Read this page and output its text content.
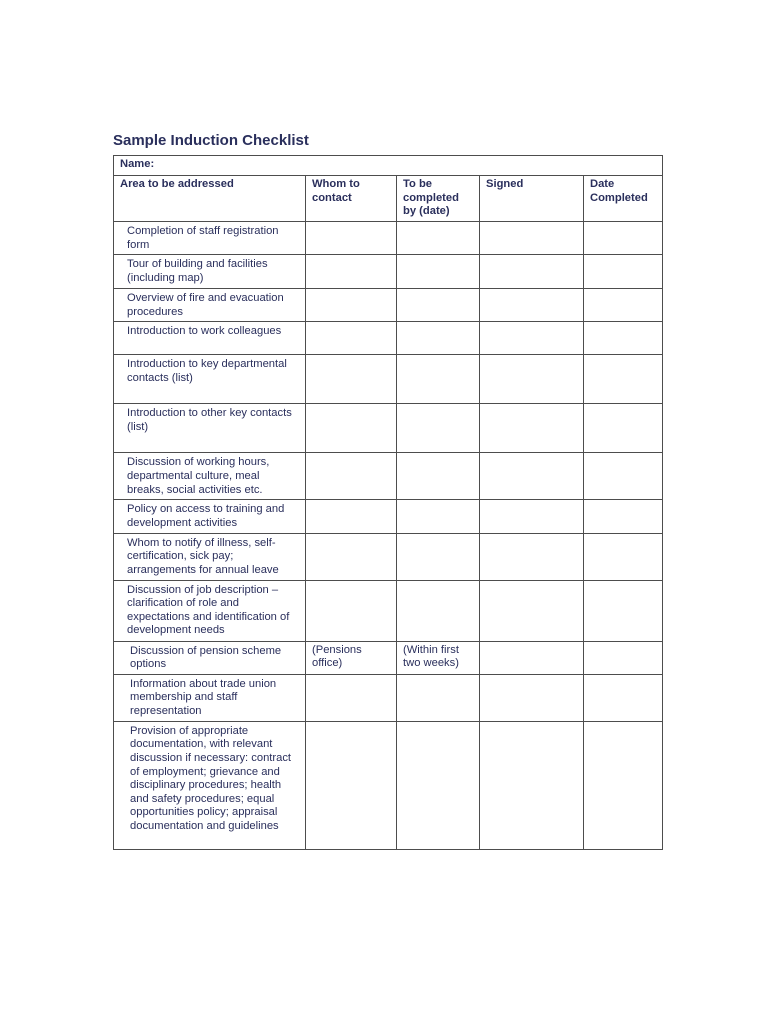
Sample Induction Checklist
Name:				
Area to be addressed	Whom to contact	To be completed by (date)	Signed	Date Completed
Completion of staff registration form				
Tour of building and facilities (including map)				
Overview of fire and evacuation procedures				
Introduction to work colleagues				
Introduction to key departmental contacts (list)				
Introduction to other key contacts (list)				
Discussion of working hours, departmental culture, meal breaks, social activities etc.				
Policy on access to training and development activities				
Whom to notify of illness, self-certification, sick pay; arrangements for annual leave				
Discussion of job description – clarification of role and expectations and identification of development needs				
Discussion of pension scheme options	(Pensions office)	(Within first two weeks)		
Information about trade union membership and staff representation				
Provision of appropriate documentation, with relevant discussion if necessary: contract of employment; grievance and disciplinary procedures; health and safety procedures; equal opportunities policy; appraisal documentation and guidelines				
